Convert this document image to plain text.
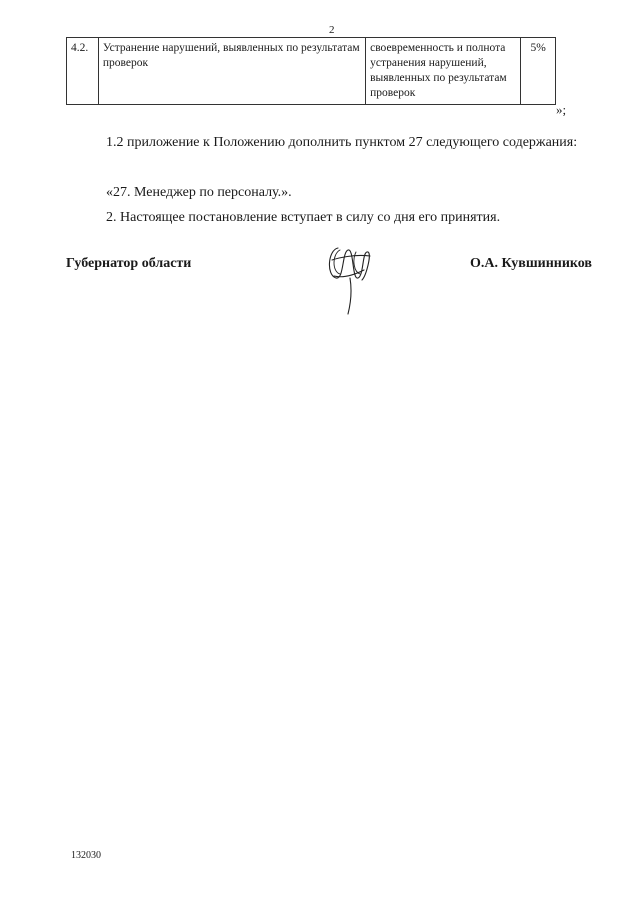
2
4.2.	Устранение нарушений, выявленных по результатам проверок	своевременность и полнота устранения нарушений, выявленных по результатам проверок	5%
»;

1.2 приложение к Положению дополнить пунктом 27 следующего содержания:

«27. Менеджер по персоналу.».

2. Настоящее постановление вступает в силу со дня его принятия.

Губернатор области	О.А. Кувшинников
132030
